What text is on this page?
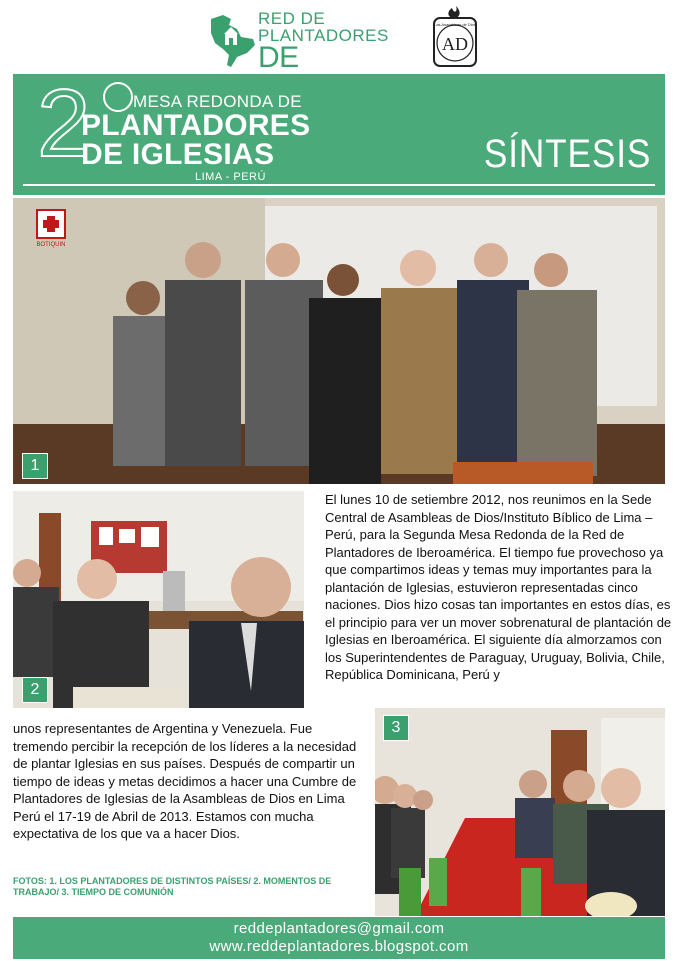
RED DE PLANTADORES
DE
Las Asambleas de Dios
AD
2	MESA REDONDA DE
PLANTADORES
DE IGLESIAS
LIMA - PERÚ
SÍNTESIS
BOTIQUIN
1
2
3
El lunes 10 de setiembre 2012, nos reunimos en la Sede Central de Asambleas de Dios/Instituto Bíblico de Lima –Perú, para la Segunda Mesa Redonda de la Red de Plantadores de Iberoamérica. El tiempo fue provechoso ya que compartimos ideas y temas muy importantes para la plantación de Iglesias, estuvieron representadas cinco naciones. Dios hizo cosas tan importantes en estos días, es el principio para ver un mover sobrenatural de plantación de Iglesias en Iberoamérica. El siguiente día almorzamos con los Superintendentes de Paraguay, Uruguay, Bolivia, Chile, República Dominicana, Perú y
unos representantes de Argentina y Venezuela. Fue tremendo percibir la recepción de los líderes a la necesidad de plantar Iglesias en sus países. Después de compartir un tiempo de ideas y metas decidimos a hacer una Cumbre de Plantadores de Iglesias de la Asambleas de Dios en Lima Perú el 17-19 de Abril de 2013. Estamos con mucha expectativa de los que va a hacer Dios.
FOTOS: 1. LOS PLANTADORES DE DISTINTOS PAÍSES/ 2. MOMENTOS DE TRABAJO/ 3. TIEMPO DE COMUNIÓN
reddeplantadores@gmail.com
www.reddeplantadores.blogspot.com
